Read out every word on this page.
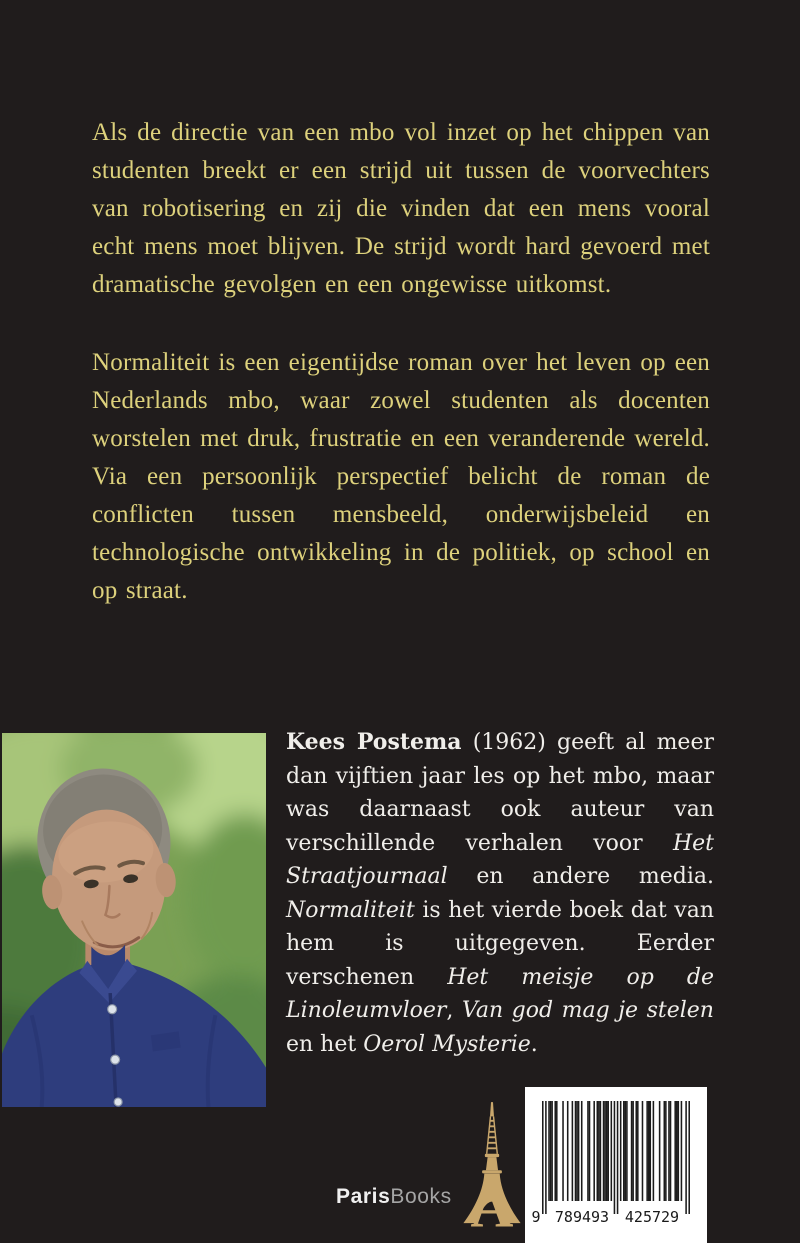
Als de directie van een mbo vol inzet op het chippen van studenten breekt er een strijd uit tussen de voorvechters van robotisering en zij die vinden dat een mens vooral echt mens moet blijven. De strijd wordt hard gevoerd met dramatische gevolgen en een ongewisse uitkomst.

Normaliteit is een eigentijdse roman over het leven op een Nederlands mbo, waar zowel studenten als docenten worstelen met druk, frustratie en een veranderende wereld. Via een persoonlijk perspectief belicht de roman de conflicten tussen mensbeeld, onderwijsbeleid en technologische ontwikkeling in de politiek, op school en op straat.

Kees Postema (1962) geeft al meer dan vijftien jaar les op het mbo, maar was daarnaast ook auteur van verschillende verhalen voor Het Straatjournaal en andere media. Normaliteit is het vierde boek dat van hem is uitgegeven. Eerder verschenen Het meisje op de Linoleumvloer, Van god mag je stelen en het Oerol Mysterie.

ParisBooks A	9 789493	425729
